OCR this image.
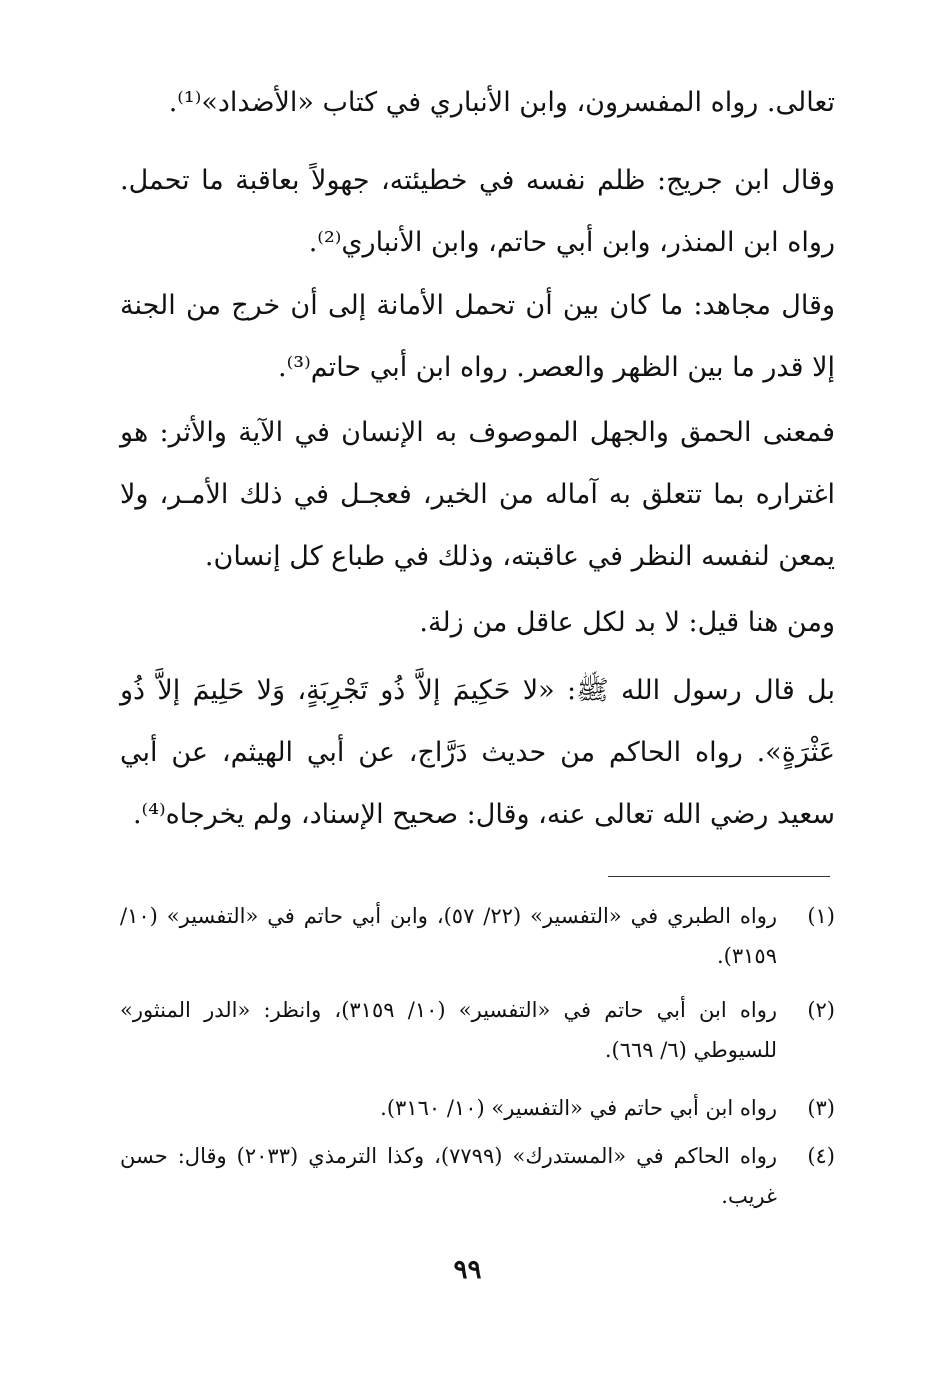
تعالى. رواه المفسرون، وابن الأنباري في كتاب «الأضداد»⁽¹⁾.

وقال ابن جريج: ظلم نفسه في خطيئته، جهولاً بعاقبة ما تحمل. رواه ابن المنذر، وابن أبي حاتم، وابن الأنباري⁽²⁾.

وقال مجاهد: ما كان بين أن تحمل الأمانة إلى أن خرج من الجنة إلا قدر ما بين الظهر والعصر. رواه ابن أبي حاتم⁽³⁾.

فمعنى الحمق والجهل الموصوف به الإنسان في الآية والأثر: هو اغتراره بما تتعلق به آماله من الخير، فعجـل في ذلك الأمـر، ولا يمعن لنفسه النظر في عاقبته، وذلك في طباع كل إنسان.

ومن هنا قيل: لا بد لكل عاقل من زلة.

بل قال رسول الله ﷺ: «لا حَكِيمَ إلاَّ ذُو تَجْرِبَةٍ، وَلا حَلِيمَ إلاَّ ذُو عَثْرَةٍ». رواه الحاكم من حديث دَرَّاج، عن أبي الهيثم، عن أبي سعيد رضي الله تعالى عنه، وقال: صحيح الإسناد، ولم يخرجاه⁽⁴⁾.

(١)
رواه الطبري في «التفسير» (٢٢/ ٥٧)، وابن أبي حاتم في «التفسير» (١٠/ ٣١٥٩).
(٢)
رواه ابن أبي حاتم في «التفسير» (١٠/ ٣١٥٩)، وانظر: «الدر المنثور» للسيوطي (٦/ ٦٦٩).
(٣)
رواه ابن أبي حاتم في «التفسير» (١٠/ ٣١٦٠).
(٤)
رواه الحاكم في «المستدرك» (٧٧٩٩)، وكذا الترمذي (٢٠٣٣) وقال: حسن غريب.
٩٩
